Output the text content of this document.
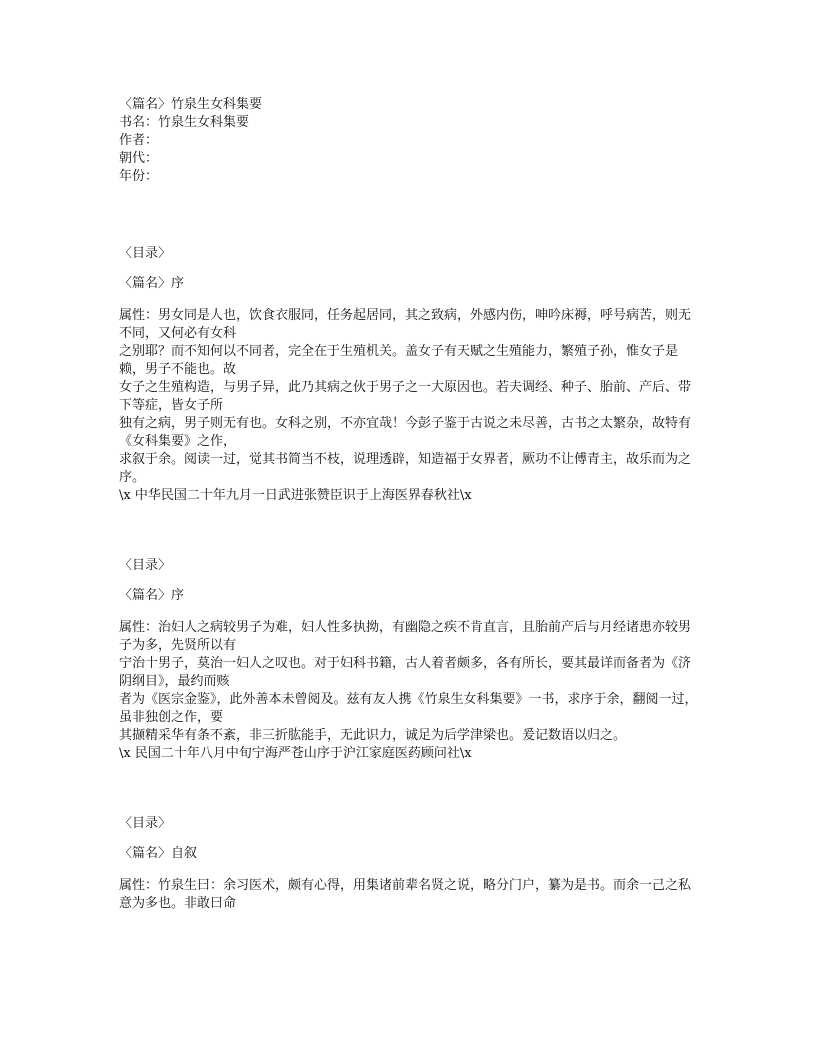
〈篇名〉竹泉生女科集要
书名：竹泉生女科集要
作者：
朝代：
年份：
〈目录〉
〈篇名〉序
属性：男女同是人也，饮食衣服同，任务起居同，其之致病，外感内伤，呻吟床褥，呼号病苦，则无不同，又何必有女科
之别耶？而不知何以不同者，完全在于生殖机关。盖女子有天赋之生殖能力，繁殖子孙，惟女子是赖，男子不能也。故
女子之生殖构造，与男子异，此乃其病之伙于男子之一大原因也。若夫调经、种子、胎前、产后、带下等症，皆女子所
独有之病，男子则无有也。女科之别，不亦宜哉！今彭子鉴于古说之未尽善，古书之太繁杂，故特有《女科集要》之作，
求叙于余。阅读一过，觉其书简当不枝，说理透辟，知造福于女界者，厥功不让傅青主，故乐而为之序。
\x 中华民国二十年九月一日武进张赞臣识于上海医界春秋社\x
〈目录〉
〈篇名〉序
属性：治妇人之病较男子为难，妇人性多执拗，有幽隐之疾不肯直言，且胎前产后与月经诸患亦较男子为多，先贤所以有
宁治十男子，莫治一妇人之叹也。对于妇科书籍，古人着者颇多，各有所长，要其最详而备者为《济阴纲目》，最约而赅
者为《医宗金鉴》，此外善本未曾阅及。兹有友人携《竹泉生女科集要》一书，求序于余，翻阅一过，虽非独创之作，要
其撷精采华有条不紊，非三折肱能手，无此识力，诚足为后学津梁也。爰记数语以归之。
\x 民国二十年八月中旬宁海严苍山序于沪江家庭医药顾问社\x
〈目录〉
〈篇名〉自叙
属性：竹泉生曰：余习医术，颇有心得，用集诸前辈名贤之说，略分门户，纂为是书。而余一己之私意为多也。非敢曰命
